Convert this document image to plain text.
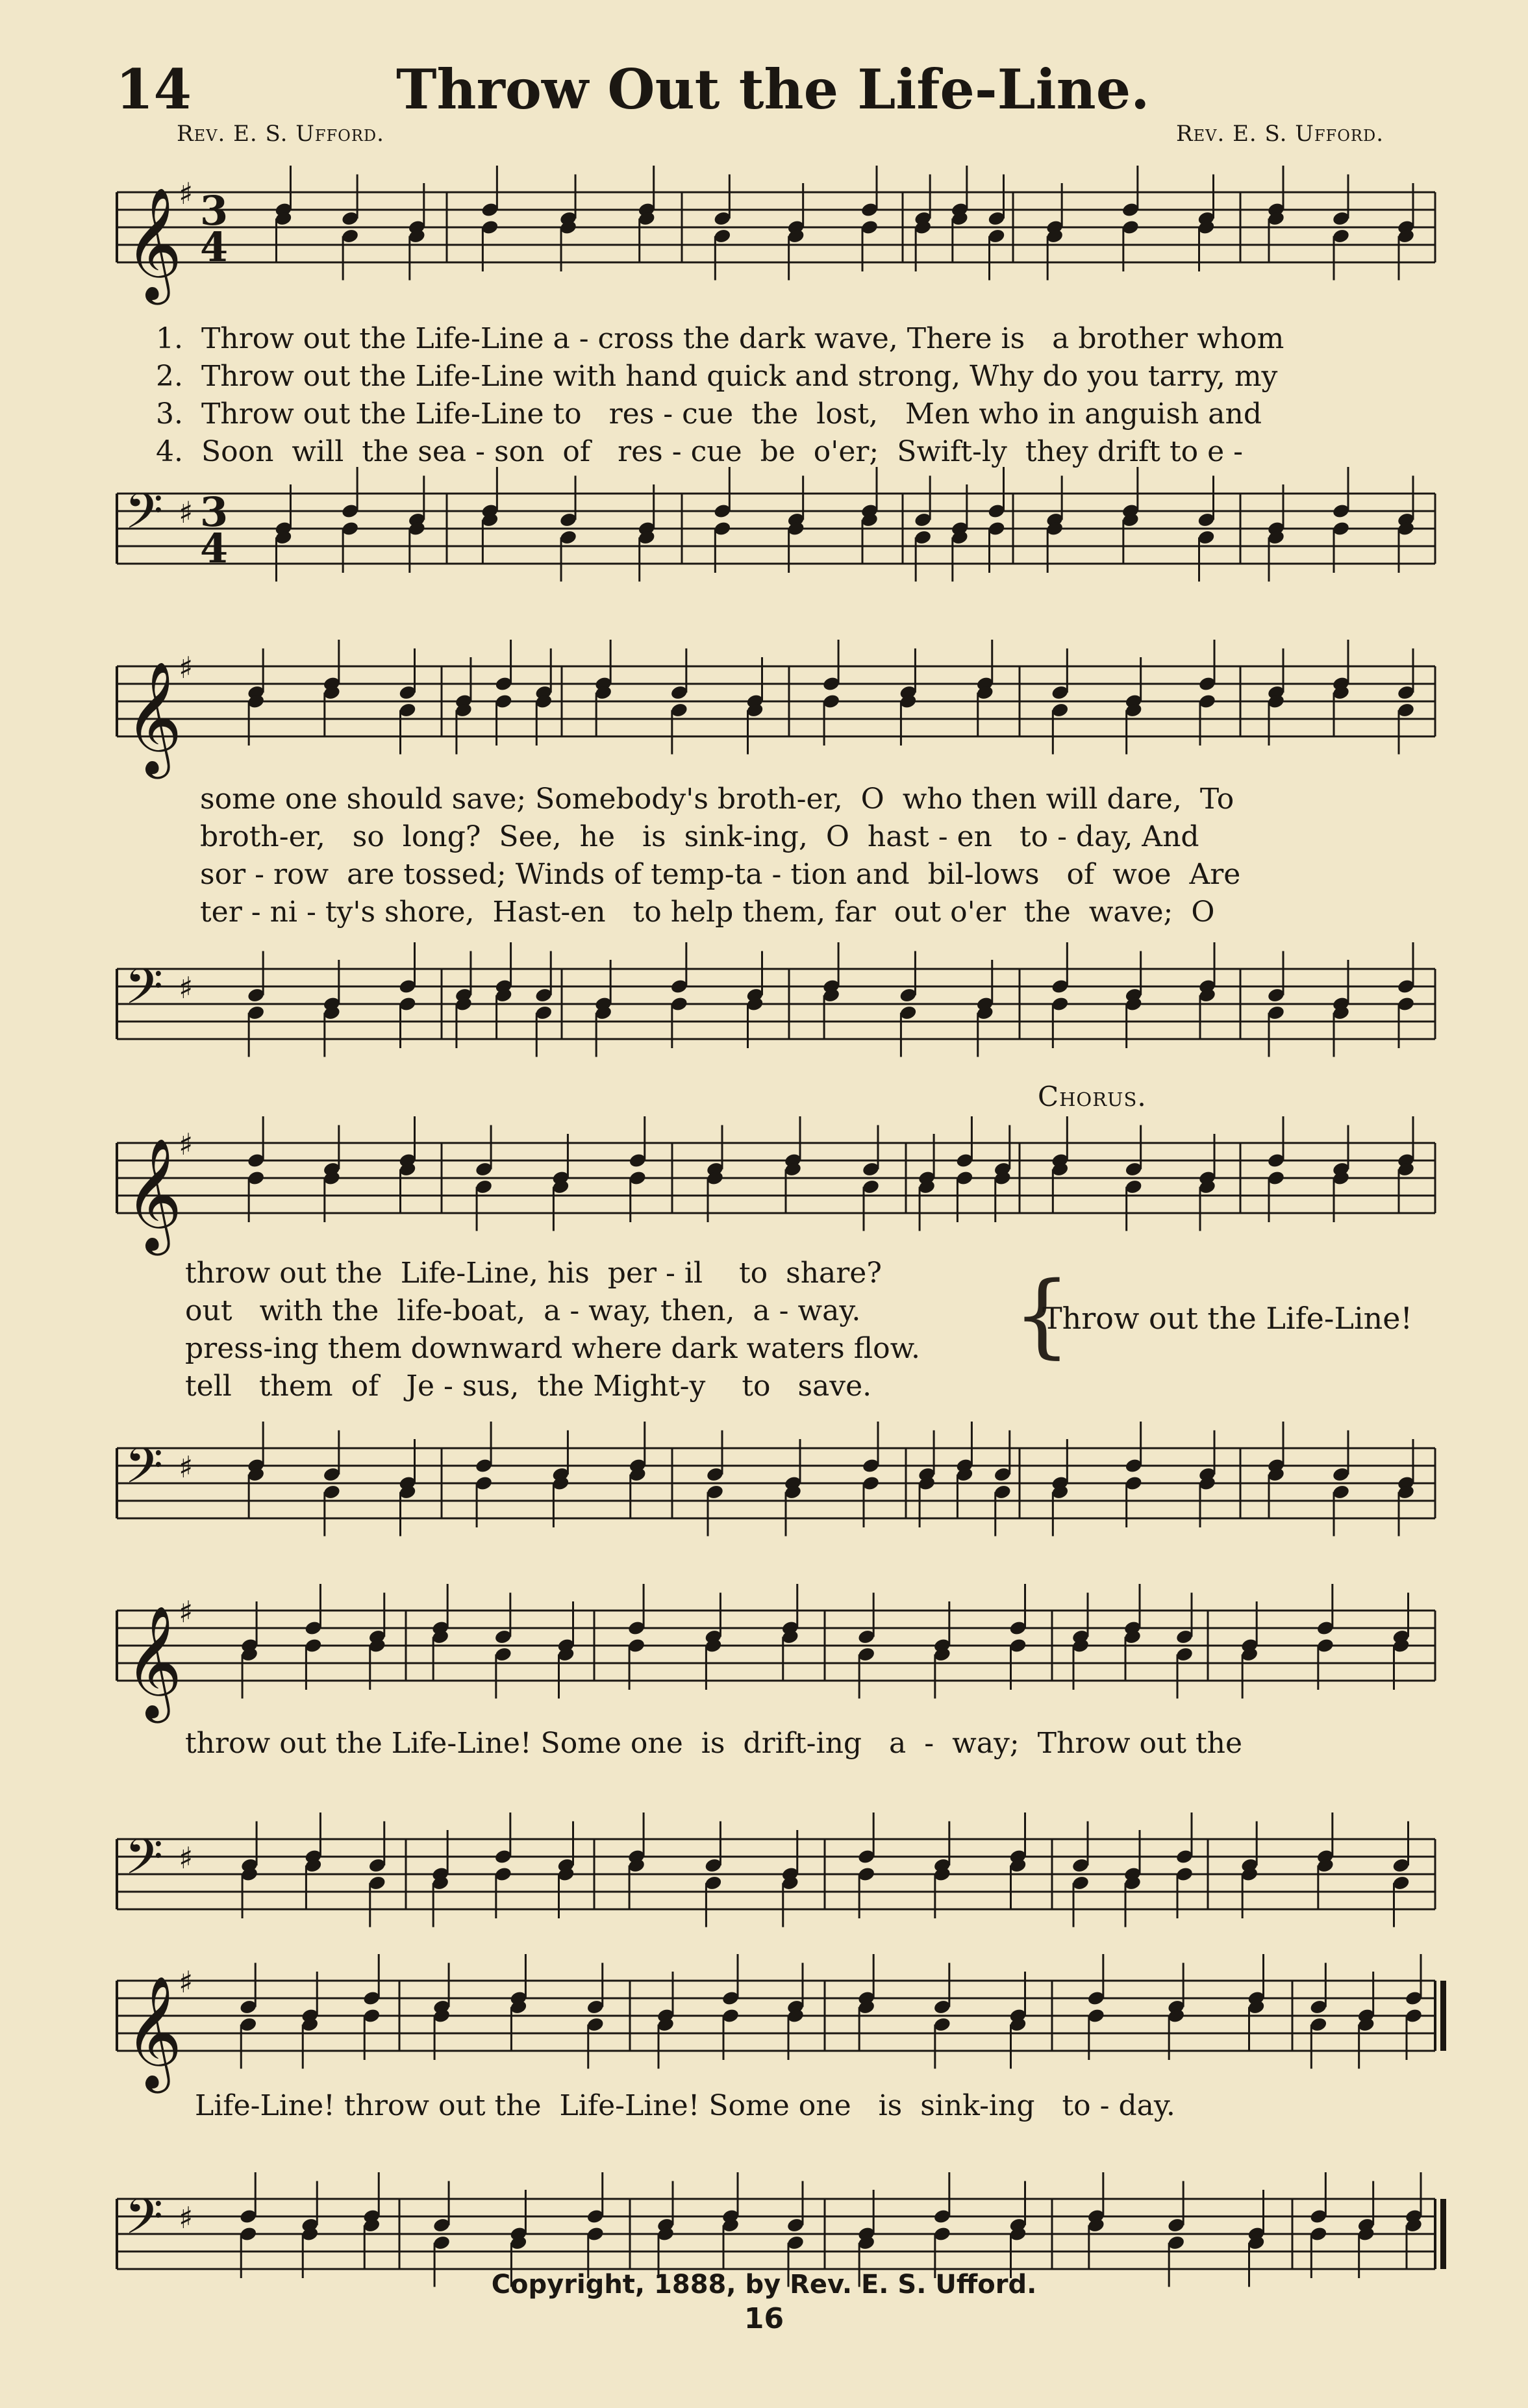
14	Throw Out the Life-Line.
Rev. E. S. Ufford.	Rev. E. S. Ufford.
𝄞
♯ 3
4
𝄢 ♯ 3
4
𝄞
♯
𝄢 ♯
𝄞
♯
𝄢 ♯
𝄞
♯
𝄢 ♯
𝄞
♯
𝄢 ♯
1.  Throw out the Life-Line a - cross the dark wave, There is   a brother whom
2.  Throw out the Life-Line with hand quick and strong, Why do you tarry, my
3.  Throw out the Life-Line to   res - cue  the  lost,   Men who in anguish and
4.  Soon  will  the sea - son  of   res - cue  be  o'er;  Swift-ly  they drift to e -
some one should save; Somebody's broth-er,  O  who then will dare,  To
broth-er,   so  long?  See,  he   is  sink-ing,  O  hast - en   to - day, And
sor - row  are tossed; Winds of temp-ta - tion and  bil-lows   of  woe  Are
ter - ni - ty's shore,  Hast-en   to help them, far  out o'er  the  wave;  O
Chorus.
throw out the  Life-Line, his  per - il    to  share?
out   with the  life-boat,  a - way, then,  a - way.
press-ing them downward where dark waters flow.
tell   them  of   Je - sus,  the Might-y    to   save.
{
Throw out the Life-Line!
throw out the Life-Line! Some one  is  drift-ing   a  -  way;  Throw out the
Life-Line! throw out the  Life-Line! Some one   is  sink-ing   to - day.
Copyright, 1888, by Rev. E. S. Ufford.
16
